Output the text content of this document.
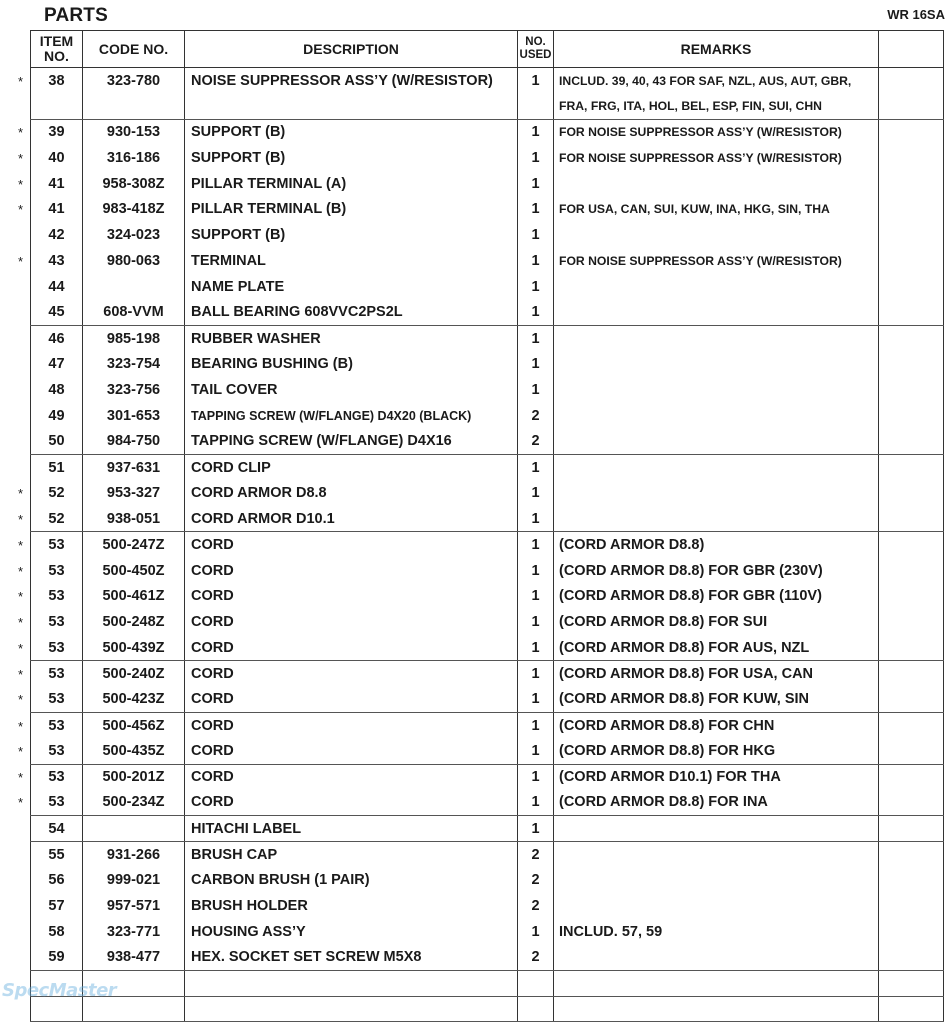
PARTS	WR 16SA
ITEM
NO.	CODE NO.	DESCRIPTION	NO.
USED	REMARKS	

* 38	323-780	NOISE SUPPRESSOR ASS’Y (W/RESISTOR)	1	INCLUD. 39, 40, 43 FOR SAF, NZL, AUS, AUT, GBR,	

				FRA, FRG, ITA, HOL, BEL, ESP, FIN, SUI, CHN	

* 39	930-153	SUPPORT (B)	1	FOR NOISE SUPPRESSOR ASS’Y (W/RESISTOR)	

* 40	316-186	SUPPORT (B)	1	FOR NOISE SUPPRESSOR ASS’Y (W/RESISTOR)	

* 41	958-308Z	PILLAR TERMINAL (A)	1		

* 41	983-418Z	PILLAR TERMINAL (B)	1	FOR USA, CAN, SUI, KUW, INA, HKG, SIN, THA	

42	324-023	SUPPORT (B)	1		

* 43	980-063	TERMINAL	1	FOR NOISE SUPPRESSOR ASS’Y (W/RESISTOR)	

44		NAME PLATE	1		

45	608-VVM	BALL BEARING 608VVC2PS2L	1		

46	985-198	RUBBER WASHER	1		

47	323-754	BEARING BUSHING (B)	1		

48	323-756	TAIL COVER	1		

49	301-653	TAPPING SCREW (W/FLANGE) D4X20 (BLACK)	2		

50	984-750	TAPPING SCREW (W/FLANGE) D4X16	2		

51	937-631	CORD CLIP	1		

* 52	953-327	CORD ARMOR D8.8	1		

* 52	938-051	CORD ARMOR D10.1	1		

* 53	500-247Z	CORD	1	(CORD ARMOR D8.8)	

* 53	500-450Z	CORD	1	(CORD ARMOR D8.8) FOR GBR (230V)	

* 53	500-461Z	CORD	1	(CORD ARMOR D8.8) FOR GBR (110V)	

* 53	500-248Z	CORD	1	(CORD ARMOR D8.8) FOR SUI	

* 53	500-439Z	CORD	1	(CORD ARMOR D8.8) FOR AUS, NZL	

* 53	500-240Z	CORD	1	(CORD ARMOR D8.8) FOR USA, CAN	

* 53	500-423Z	CORD	1	(CORD ARMOR D8.8) FOR KUW, SIN	

* 53	500-456Z	CORD	1	(CORD ARMOR D8.8) FOR CHN	

* 53	500-435Z	CORD	1	(CORD ARMOR D8.8) FOR HKG	

* 53	500-201Z	CORD	1	(CORD ARMOR D10.1) FOR THA	

* 53	500-234Z	CORD	1	(CORD ARMOR D8.8) FOR INA	

54		HITACHI LABEL	1		

55	931-266	BRUSH CAP	2		

56	999-021	CARBON BRUSH (1 PAIR)	2		

57	957-571	BRUSH HOLDER	2		

58	323-771	HOUSING ASS’Y	1	INCLUD. 57, 59	

59	938-477	HEX. SOCKET SET SCREW M5X8	2		

SpecMaster
